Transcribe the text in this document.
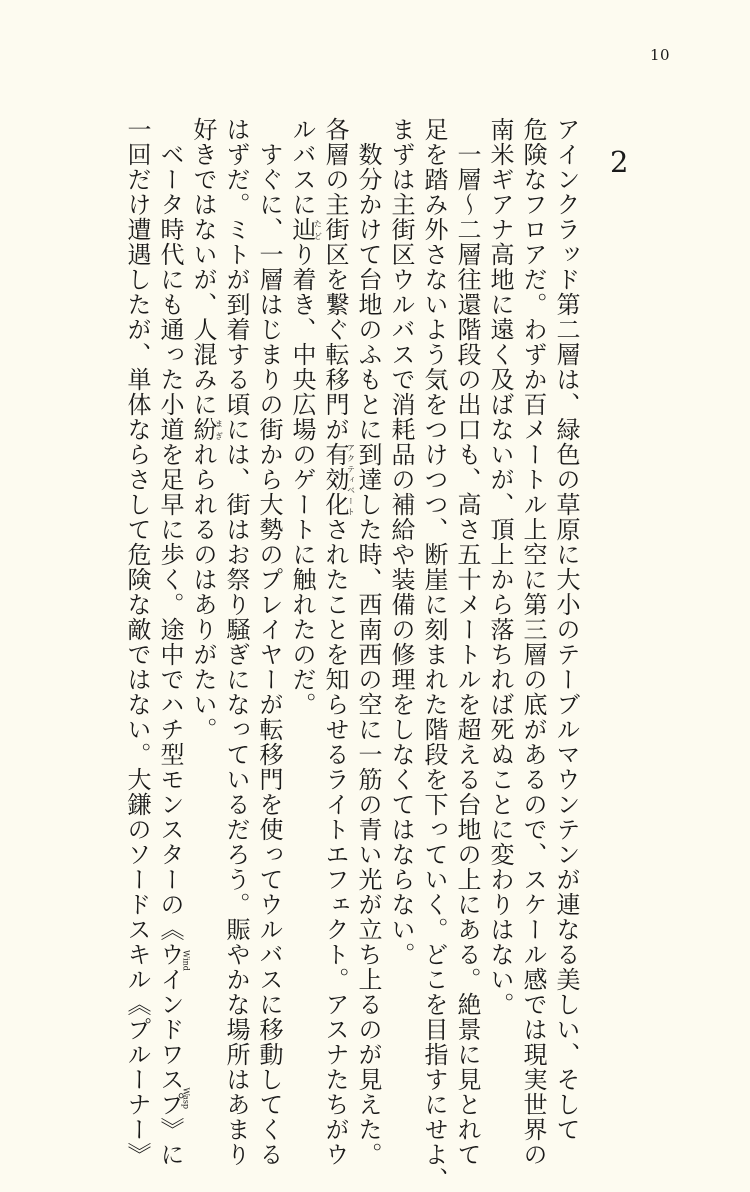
10
2
アインクラッド第二層は、緑色の草原に大小のテーブルマウンテンが連なる美しい、そして
危険なフロアだ。わずか百メートル上空に第三層の底があるので、スケール感では現実世界の
南米ギアナ高地に遠く及ばないが、頂上から落ちれば死ぬことに変わりはない。
　一層～二層往還階段の出口も、高さ五十メートルを超える台地の上にある。絶景に見とれて
足を踏み外さないよう気をつけつつ、断崖に刻まれた階段を下っていく。どこを目指すにせよ、
まずは主街区ウルバスで消耗品の補給や装備の修理をしなくてはならない。
　数分かけて台地のふもとに到達した時、西南西の空に一筋の青い光が立ち上るのが見えた。
各層の主街区を繋ぐ転移門が有効化アクティベートされたことを知らせるライトエフェクト。アスナたちがウ
ルバスに辿たどり着き、中央広場のゲートに触れたのだ。
　すぐに、一層はじまりの街から大勢のプレイヤーが転移門を使ってウルバスに移動してくる
はずだ。ミトが到着する頃には、街はお祭り騒ぎになっているだろう。賑やかな場所はあまり
好きではないが、人混みに紛まぎれられるのはありがたい。
　ベータ時代にも通った小道を足早に歩く。途中でハチ型モンスターの《ウインドワスプWind Wasp》に
一回だけ遭遇したが、単体ならさして危険な敵ではない。大鎌のソードスキル《プルーナー》
